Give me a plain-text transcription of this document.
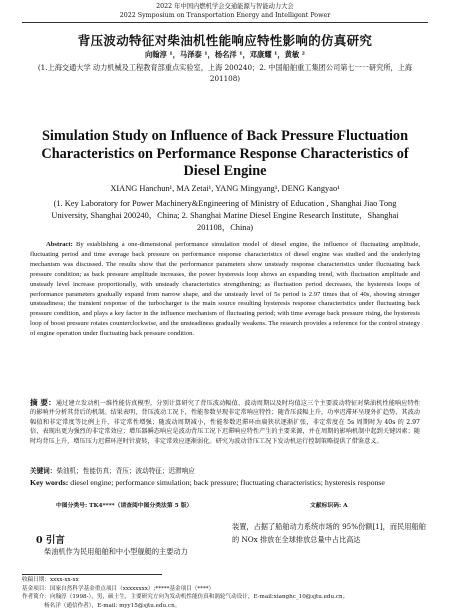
2022 年中国内燃机学会交通能源与智能动力大会
2022 Symposium on Transportation Energy and Intelligent Power
背压波动特征对柴油机性能响应特性影响的仿真研究
向翰淳 ¹，马泽泰 ¹，杨名洋 ¹，邓康耀 ¹，黄敏 ²
(1.上海交通大学 动力机械及工程教育部重点实验室，上海 200240；2. 中国船舶重工集团公司第七一一研究所，上海 201108)
Simulation Study on Influence of Back Pressure Fluctuation Characteristics on Performance Response Characteristics of Diesel Engine
XIANG Hanchun¹, MA Zetai¹, YANG Mingyang¹, DENG Kangyao¹
(1. Key Laboratory for Power Machinery&Engineering of Ministry of Education , Shanghai Jiao Tong University, Shanghai 200240，China; 2. Shanghai Marine Diesel Engine Research Institute，Shanghai 201108，China)
Abstract: By establishing a one-dimensional performance simulation model of diesel engine, the influence of fluctuating amplitude, fluctuating period and time average back pressure on performance response characteristics of diesel engine was studied and the underlying mechanism was discussed. The results show that the performance parameters show unsteady response characteristics under fluctuating back pressure condition; as back pressure amplitude increases, the power hysteresis loop shows an expanding trend, with fluctuation amplitude and unsteady level increase proportionally, with unsteady characteristics strengthening; as fluctuation period decreases, the hysteresis loops of performance parameters gradually expand from narrow shape, and the unsteady level of 5s period is 2.97 times that of 40s, showing stronger unsteadiness; the transient response of the turbocharger is the main source resulting hysteresis response characteristics under fluctuating back pressure condition, and plays a key factor in the influence mechanism of fluctuating period; with time average back pressure rising, the hysteresis loop of boost pressure rotates counterclockwise, and the unsteadiness gradually weakens. The research provides a reference for the control strategy of engine operation under fluctuating back pressure condition.
摘 要：通过建立发动机一维性能仿真模型，分别计算研究了背压波动幅值、波动周期以及时均值这三个主要波动特征对柴油机性能响应特性的影响并分析其背后的机制。结果表明，背压波动工况下，性能参数呈现非定常响应特性；随背压波幅上升，功率迟滞环呈现外扩趋势，其波动幅值和非定常度等比例上升，非定常性增强；随波动周期减小，性能参数迟滞环由扁狭状逐渐扩张，非定常度在 5s 周期时为 40s 的 2.97 倍，表现出更为强烈的非定常效应；增压器瞬态响应是波动背压工况下迟滞响应特性产生的主要来源，并在周期的影响机制中起到关键因素；随时均背压上升，增压压力迟滞环逆时针旋转，非定常效应逐渐弱化。研究为波动背压工况下发动机运行控制策略提供了借鉴意义。
关键词：柴油机；性能仿真；背压；波动特征；迟滞响应
Key words: diesel engine; performance simulation; back pressure; fluctuating characteristics; hysteresis response
中图分类号: TK4****（请查阅中图分类法第 5 版）	文献标识码: A
0 引言
柴油机作为民用船舶和中小型舰艇的主要动力
装置，占据了船舶动力系统市场的 95%份额[1]，而民用船舶的 NOx 排放在全球排放总量中占比高达
收稿日期：xxxx-xx-xx
基金项目：国家自然科学基金重点项目（xxxxxxxx）;*****基金项目（****）
作者简介：向翰淳（1998-），男，硕士生，主要研究方向为发动机性能仿真和涡轮气动设计，E-mail:xianghc_10@sjtu.edu.cn；
杨名洋（通信作者），E-mail: myy15@sjtu.edu.cn。
